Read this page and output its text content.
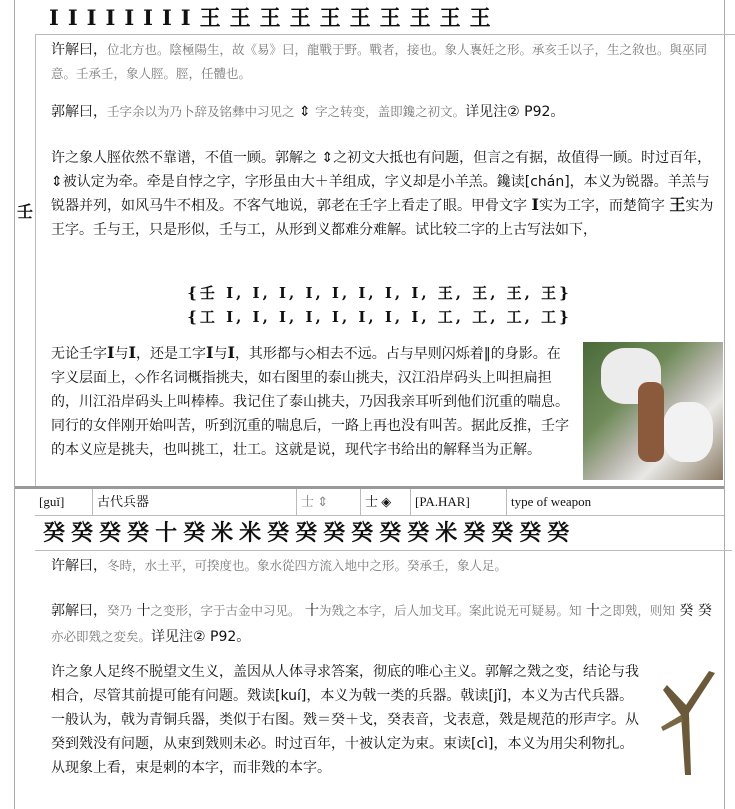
I I I I I I I I 王 王 王 王 王 王 王 王 王 王
壬
许解曰，位北方也。陰極陽生，故《易》曰，龍戰于野。戰者，接也。象人褢妊之形。承亥壬以子，生之敘也。與巫同意。壬承壬，象人脛。脛，任體也。
郭解曰，壬字余以为乃卜辞及铭彝中习见之 ⇕ 字之转变，盖即鑱之初文。详见注② P92。
许之象人脛依然不靠谱，不值一顾。郭解之 ⇕之初文大抵也有问题，但言之有据，故值得一顾。时过百年， ⇕被认定为牵。牵是自悖之字，字形虽由大＋羊组成，字义却是小羊羔。鑱读[chán]，本义为锐器。羊羔与锐器并列，如风马牛不相及。不客气地说，郭老在壬字上看走了眼。甲骨文字 I实为工字，而楚简字 王实为王字。壬与王，只是形似，壬与工，从形到义都难分难解。试比较二字的上古写法如下，
{壬 I, I, I, I, I, I, I, I, 王, 王, 王, 王}
{工 I, I, I, I, I, I, I, I, 工, 工, 工, 工}
无论壬字I与I，还是工字I与I，其形都与◇相去不远。占与早则闪烁着‖的身影。在字义层面上，◇作名词概指挑夫，如右图里的泰山挑夫，汉江沿岸码头上叫担扁担的，川江沿岸码头上叫棒棒。我记住了泰山挑夫，乃因我亲耳听到他们沉重的喘息。同行的女伴刚开始叫苦，听到沉重的喘息后，一路上再也没有叫苦。据此反推，壬字的本义应是挑夫，也叫挑工，壮工。这就是说，现代字书给出的解释当为正解。
[guǐ]	古代兵器	士 ⇕	士 ◈	[PA.HAR]	type of weapon
癸 癸 癸 癸 十 癸 米 米 癸 癸 癸 癸 癸 癸 米 癸 癸 癸 癸
许解曰，冬時，水土平，可揆度也。象水從四方流入地中之形。癸承壬，象人足。
郭解曰，癸乃 十之变形，字于古金中习见。 十为戣之本字，后人加戈耳。案此说无可疑易。知 十之即戣，则知 癸 癸亦必即戣之変矣。详见注② P92。
许之象人足终不脱望文生义，盖因从人体寻求答案，彻底的唯心主义。郭解之戣之变，结论与我相合，尽管其前提可能有问题。戣读[kuí]，本义为戟一类的兵器。戟读[jǐ]，本义为古代兵器。一般认为，戟为青铜兵器，类似于右图。戣＝癸＋戈，癸表音，戈表意，戣是规范的形声字。从癸到戣没有问题，从束到戣则未必。时过百年，十被认定为束。束读[cì]，本义为用尖利物扎。从现象上看，束是刺的本字，而非戣的本字。
